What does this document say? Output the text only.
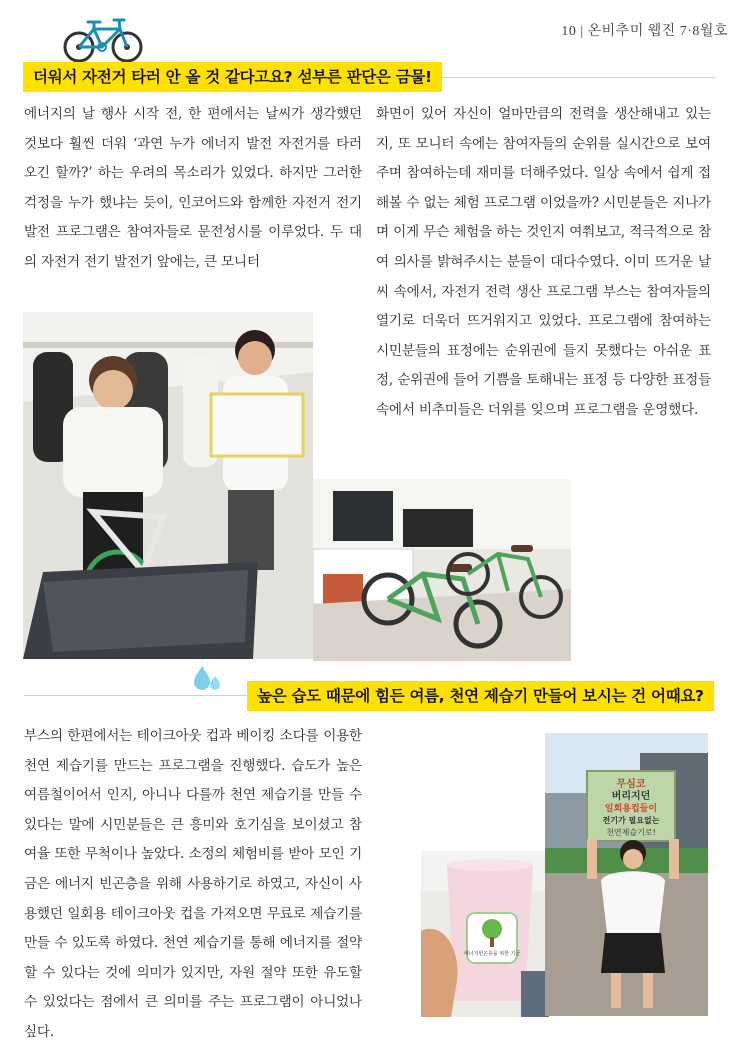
10 | 온비추미 웹진 7·8월호
더워서 자전거 타러 안 올 것 같다고요? 섣부른 판단은 금물!
에너지의 날 행사 시작 전, 한 편에서는 날씨가 생각했던 것보다 훨씬 더워 ‘과연 누가 에너지 발전 자전거를 타러 오긴 할까?’ 하는 우려의 목소리가 있었다. 하지만 그러한 걱정을 누가 했냐는 듯이, 인코어드와 함께한 자전거 전기 발전 프로그램은 참여자들로 문전성시를 이루었다. 두 대의 자전거 전기 발전기 앞에는, 큰 모니터
화면이 있어 자신이 얼마만큼의 전력을 생산해내고 있는지, 또 모니터 속에는 참여자들의 순위를 실시간으로 보여주며 참여하는데 재미를 더해주었다. 일상 속에서 쉽게 접해볼 수 없는 체험 프로그램 이었을까? 시민분들은 지나가며 이게 무슨 체험을 하는 것인지 여쭤보고, 적극적으로 참여 의사를 밝혀주시는 분들이 대다수였다. 이미 뜨거운 날씨 속에서, 자전거 전력 생산 프로그램 부스는 참여자들의 열기로 더욱더 뜨거워지고 있었다. 프로그램에 참여하는 시민분들의 표정에는 순위권에 들지 못했다는 아쉬운 표정, 순위권에 들어 기쁨을 토해내는 표정 등 다양한 표정들 속에서 비추미들은 더위를 잊으며 프로그램을 운영했다.
높은 습도 때문에 힘든 여름, 천연 제습기 만들어 보시는 건 어때요?
부스의 한편에서는 테이크아웃 컵과 베이킹 소다를 이용한 천연 제습기를 만드는 프로그램을 진행했다. 습도가 높은 여름철이어서 인지, 아니나 다를까 천연 제습기를 만들 수 있다는 말에 시민분들은 큰 흥미와 호기심을 보이셨고 참여율 또한 무척이나 높았다. 소정의 체험비를 받아 모인 기금은 에너지 빈곤층을 위해 사용하기로 하였고, 자신이 사용했던 일회용 테이크아웃 컵을 가져오면 무료로 제습기를 만들 수 있도록 하였다. 천연 제습기를 통해 에너지를 절약할 수 있다는 것에 의미가 있지만, 자원 절약 또한 유도할 수 있었다는 점에서 큰 의미를 주는 프로그램이 아니었나 싶다.
에너지빈곤층을 위한 기금
무심코
버리지던
일회용컵들이
전기가 필요없는
천연제습기로!
